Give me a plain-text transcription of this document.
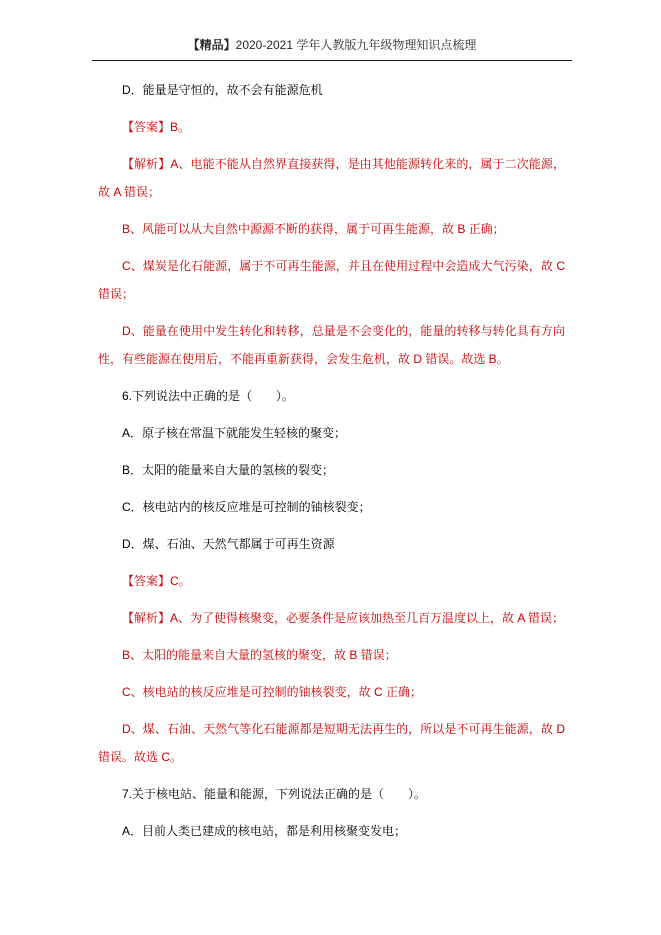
【精品】2020-2021 学年人教版九年级物理知识点梳理

D．能量是守恒的，故不会有能源危机

【答案】B。

【解析】A、电能不能从自然界直接获得，是由其他能源转化来的，属于二次能源，故 A 错误；

B、风能可以从大自然中源源不断的获得，属于可再生能源，故 B 正确；

C、煤炭是化石能源，属于不可再生能源，并且在使用过程中会造成大气污染，故 C 错误；

D、能量在使用中发生转化和转移，总量是不会变化的，能量的转移与转化具有方向性，有些能源在使用后，不能再重新获得，会发生危机，故 D 错误。故选 B。

6.下列说法中正确的是（　　）。

A．原子核在常温下就能发生轻核的聚变；

B．太阳的能量来自大量的氢核的裂变；

C．核电站内的核反应堆是可控制的铀核裂变；

D．煤、石油、天然气都属于可再生资源

【答案】C。

【解析】A、为了使得核聚变，必要条件是应该加热至几百万温度以上，故 A 错误；

B、太阳的能量来自大量的氢核的聚变，故 B 错误；

C、核电站的核反应堆是可控制的铀核裂变，故 C 正确；

D、煤、石油、天然气等化石能源都是短期无法再生的，所以是不可再生能源，故 D 错误。故选 C。

7.关于核电站、能量和能源，下列说法正确的是（　　）。

A．目前人类已建成的核电站，都是利用核聚变发电；
